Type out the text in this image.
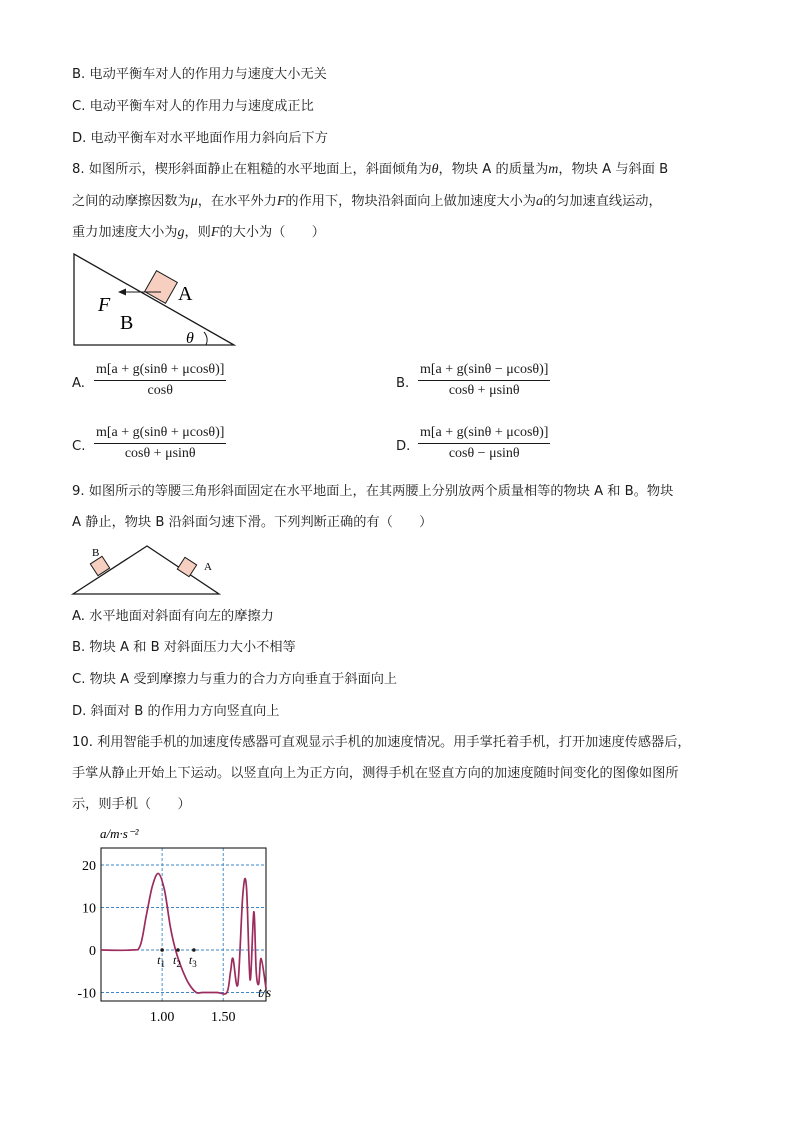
B. 电动平衡车对人的作用力与速度大小无关
C. 电动平衡车对人的作用力与速度成正比
D. 电动平衡车对水平地面作用力斜向后下方
8. 如图所示，楔形斜面静止在粗糙的水平地面上，斜面倾角为θ，物块 A 的质量为m，物块 A 与斜面 B
之间的动摩擦因数为μ，在水平外力F的作用下，物块沿斜面向上做加速度大小为a的匀加速直线运动，
重力加速度大小为g，则F的大小为（　　）
A
F
B
θ
A. $\frac{m[a + g(\sin\theta + \mu\cos\theta)]}{\cos\theta}$	B. $\frac{m[a + g(\sin\theta - \mu\cos\theta)]}{\cos\theta + \mu\sin\theta}$
C. $\frac{m[a + g(\sin\theta + \mu\cos\theta)]}{\cos\theta + \mu\sin\theta}$	D. $\frac{m[a + g(\sin\theta + \mu\cos\theta)]}{\cos\theta - \mu\sin\theta}$
9. 如图所示的等腰三角形斜面固定在水平地面上，在其两腰上分别放两个质量相等的物块 A 和 B。物块
A 静止，物块 B 沿斜面匀速下滑。下列判断正确的有（　　）
B
A
A. 水平地面对斜面有向左的摩擦力
B. 物块 A 和 B 对斜面压力大小不相等
C. 物块 A 受到摩擦力与重力的合力方向垂直于斜面向上
D. 斜面对 B 的作用力方向竖直向上
10. 利用智能手机的加速度传感器可直观显示手机的加速度情况。用手掌托着手机，打开加速度传感器后，
手掌从静止开始上下运动。以竖直向上为正方向，测得手机在竖直方向的加速度随时间变化的图像如图所
示，则手机（　　）
a/m·s⁻²
t/s
20
10
0
-10
1.00	1.50
$t_1$ $t_2$ $t_3$
